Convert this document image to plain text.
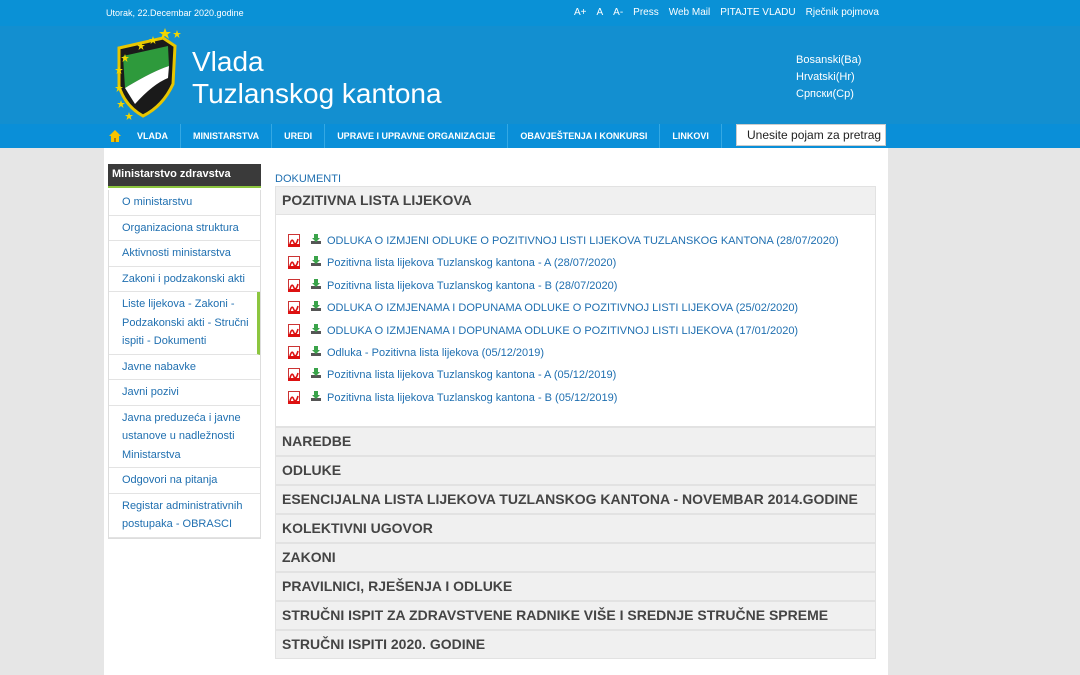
Utorak, 22.Decembar 2020.godine	A+ A A- Press Web Mail PITAJTE VLADU Rječnik pojmova
Vlada
Tuzlanskog kantona
Bosanski(Ba)
Hrvatski(Hr)
Српски(Ср)
VLADA	MINISTARSTVA	UREDI	UPRAVE I UPRAVNE ORGANIZACIJE	OBAVJEŠTENJA I KONKURSI	LINKOVI	Unesite pojam za pretrag
Ministarstvo zdravstva
O ministarstvu
Organizaciona struktura
Aktivnosti ministarstva
Zakoni i podzakonski akti
Liste lijekova - Zakoni - Podzakonski akti - Stručni ispiti - Dokumenti
Javne nabavke
Javni pozivi
Javna preduzeća i javne ustanove u nadležnosti Ministarstva
Odgovori na pitanja
Registar administrativnih postupaka - OBRASCI
DOKUMENTI
POZITIVNA LISTA LIJEKOVA
ODLUKA O IZMJENI ODLUKE O POZITIVNOJ LISTI LIJEKOVA TUZLANSKOG KANTONA (28/07/2020)
Pozitivna lista lijekova Tuzlanskog kantona - A (28/07/2020)
Pozitivna lista lijekova Tuzlanskog kantona - B (28/07/2020)
ODLUKA O IZMJENAMA I DOPUNAMA ODLUKE O POZITIVNOJ LISTI LIJEKOVA (25/02/2020)
ODLUKA O IZMJENAMA I DOPUNAMA ODLUKE O POZITIVNOJ LISTI LIJEKOVA (17/01/2020)
Odluka - Pozitivna lista lijekova (05/12/2019)
Pozitivna lista lijekova Tuzlanskog kantona - A (05/12/2019)
Pozitivna lista lijekova Tuzlanskog kantona - B (05/12/2019)
NAREDBE
ODLUKE
ESENCIJALNA LISTA LIJEKOVA TUZLANSKOG KANTONA - NOVEMBAR 2014.GODINE
KOLEKTIVNI UGOVOR
ZAKONI
PRAVILNICI, RJEŠENJA I ODLUKE
STRUČNI ISPIT ZA ZDRAVSTVENE RADNIKE VIŠE I SREDNJE STRUČNE SPREME
STRUČNI ISPITI 2020. GODINE
